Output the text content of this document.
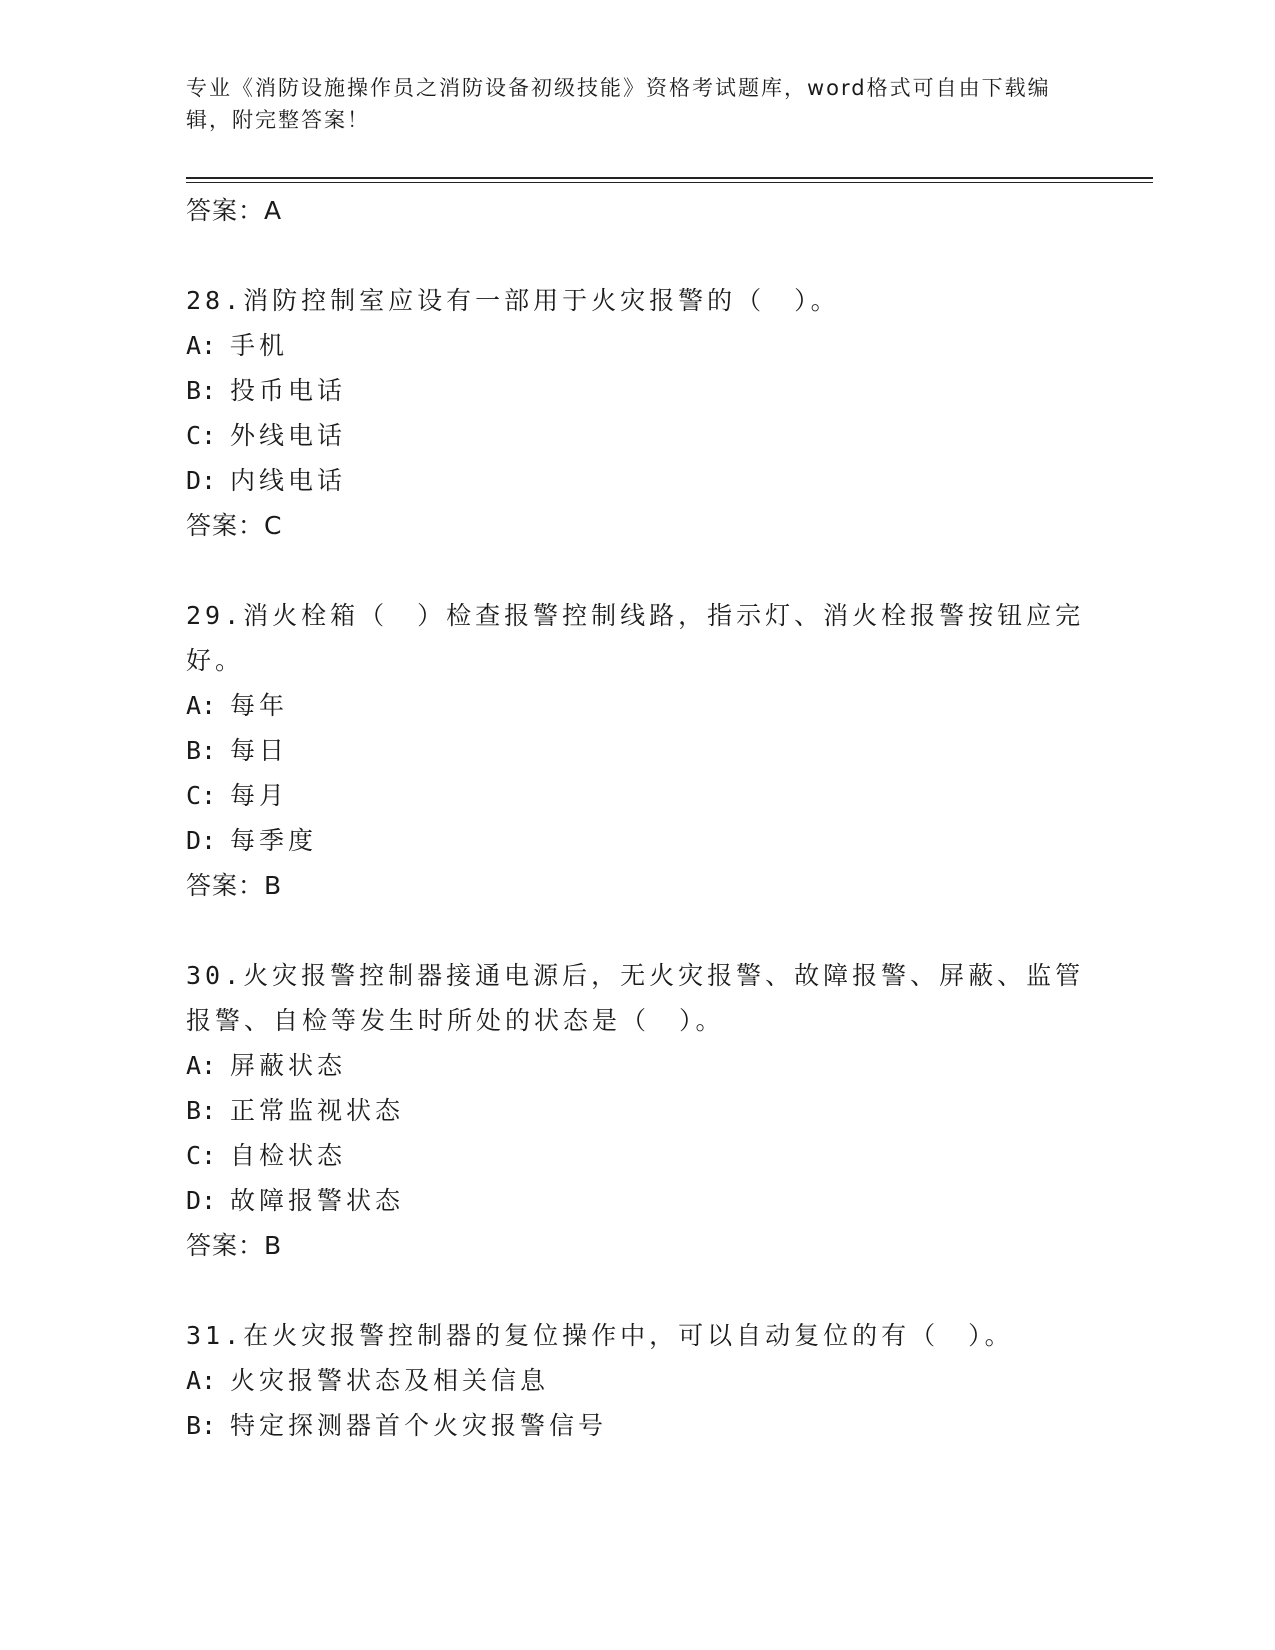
专业《消防设施操作员之消防设备初级技能》资格考试题库，word格式可自由下载编辑，附完整答案！
答案：A
28.消防控制室应设有一部用于火灾报警的（　）。
A: 手机
B: 投币电话
C: 外线电话
D: 内线电话
答案：C
29.消火栓箱（　）检查报警控制线路，指示灯、消火栓报警按钮应完好。
A: 每年
B: 每日
C: 每月
D: 每季度
答案：B
30.火灾报警控制器接通电源后，无火灾报警、故障报警、屏蔽、监管报警、自检等发生时所处的状态是（　）。
A: 屏蔽状态
B: 正常监视状态
C: 自检状态
D: 故障报警状态
答案：B
31.在火灾报警控制器的复位操作中，可以自动复位的有（　）。
A: 火灾报警状态及相关信息
B: 特定探测器首个火灾报警信号
